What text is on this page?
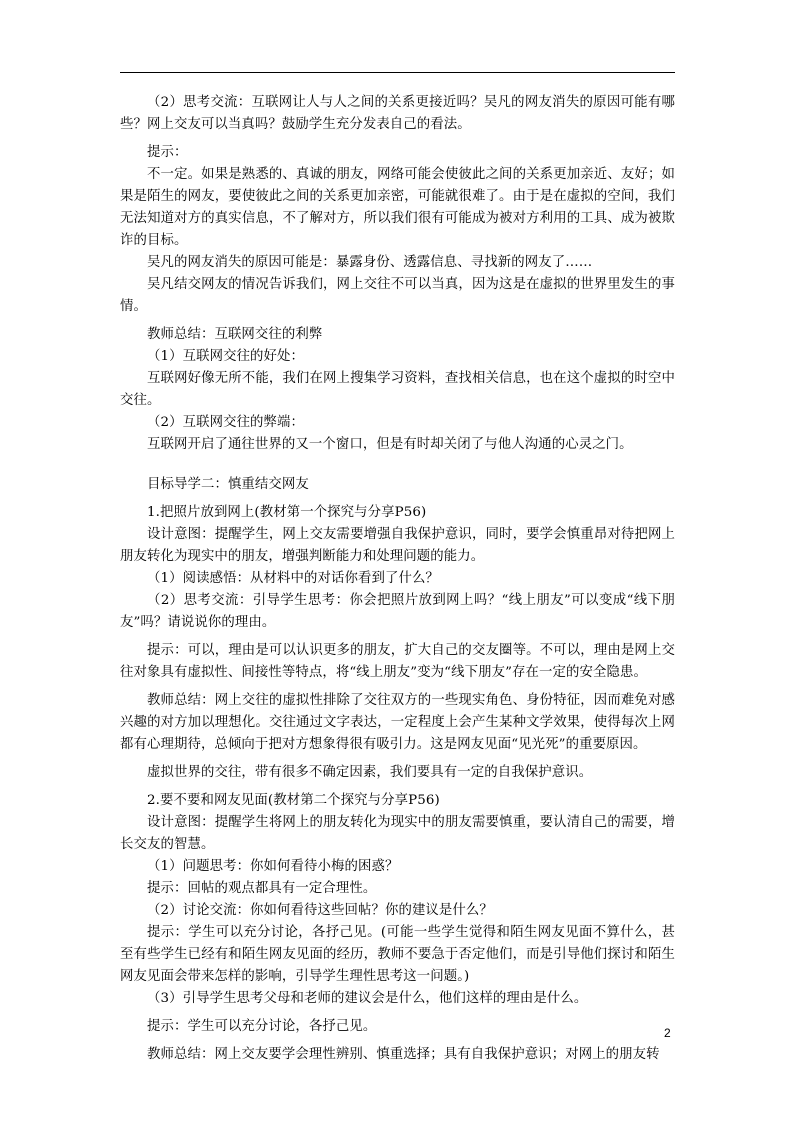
（2）思考交流：互联网让人与人之间的关系更接近吗？吴凡的网友消失的原因可能有哪些？网上交友可以当真吗？鼓励学生充分发表自己的看法。

提示：

不一定。如果是熟悉的、真诚的朋友，网络可能会使彼此之间的关系更加亲近、友好；如果是陌生的网友，要使彼此之间的关系更加亲密，可能就很难了。由于是在虚拟的空间，我们无法知道对方的真实信息，不了解对方，所以我们很有可能成为被对方利用的工具、成为被欺诈的目标。

吴凡的网友消失的原因可能是：暴露身份、透露信息、寻找新的网友了……

吴凡结交网友的情况告诉我们，网上交往不可以当真，因为这是在虚拟的世界里发生的事情。

教师总结：互联网交往的利弊

（1）互联网交往的好处：

互联网好像无所不能，我们在网上搜集学习资料，查找相关信息，也在这个虚拟的时空中交往。

（2）互联网交往的弊端：

互联网开启了通往世界的又一个窗口，但是有时却关闭了与他人沟通的心灵之门。

目标导学二：慎重结交网友

1.把照片放到网上(教材第一个探究与分享P56)

设计意图：提醒学生，网上交友需要增强自我保护意识，同时，要学会慎重昂对待把网上朋友转化为现实中的朋友，增强判断能力和处理问题的能力。

（1）阅读感悟：从材料中的对话你看到了什么？

（2）思考交流：引导学生思考：你会把照片放到网上吗？“线上朋友”可以变成“线下朋友”吗？请说说你的理由。

提示：可以，理由是可以认识更多的朋友，扩大自己的交友圈等。不可以，理由是网上交往对象具有虚拟性、间接性等特点，将“线上朋友”变为“线下朋友”存在一定的安全隐患。

教师总结：网上交往的虚拟性排除了交往双方的一些现实角色、身份特征，因而难免对感兴趣的对方加以理想化。交往通过文字表达，一定程度上会产生某种文学效果，使得每次上网都有心理期待，总倾向于把对方想象得很有吸引力。这是网友见面“见光死”的重要原因。

虚拟世界的交往，带有很多不确定因素，我们要具有一定的自我保护意识。

2.要不要和网友见面(教材第二个探究与分享P56)

设计意图：提醒学生将网上的朋友转化为现实中的朋友需要慎重，要认清自己的需要，增长交友的智慧。

（1）问题思考：你如何看待小梅的困惑？

提示：回帖的观点都具有一定合理性。

（2）讨论交流：你如何看待这些回帖？你的建议是什么？

提示：学生可以充分讨论，各抒己见。(可能一些学生觉得和陌生网友见面不算什么，甚至有些学生已经有和陌生网友见面的经历，教师不要急于否定他们，而是引导他们探讨和陌生网友见面会带来怎样的影响，引导学生理性思考这一问题。)

（3）引导学生思考父母和老师的建议会是什么，他们这样的理由是什么。

提示：学生可以充分讨论，各抒己见。

教师总结：网上交友要学会理性辨别、慎重选择；具有自我保护意识；对网上的朋友转

2
